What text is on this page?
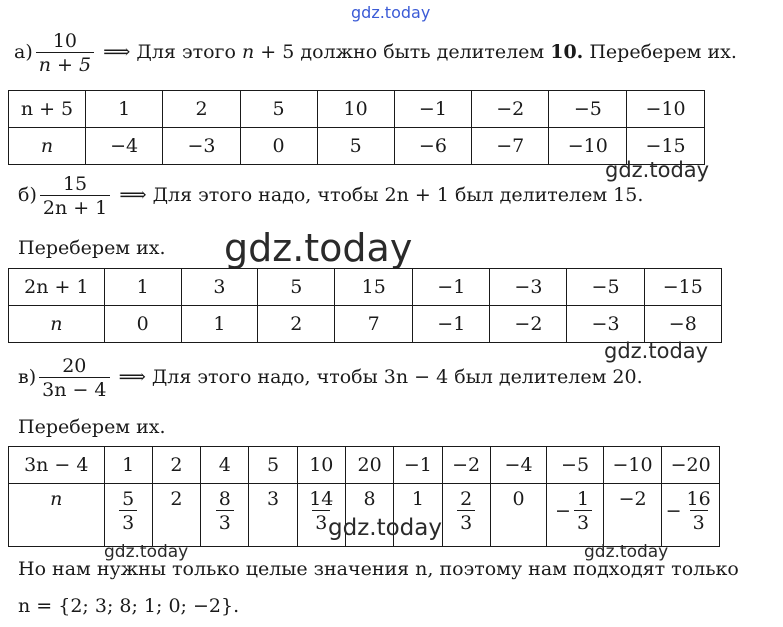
gdz.today
$а) \frac{10}{n + 5}$ ⟹ Для этого n + 5 должно быть делителем 10. Переберем их.
n + 5	1	2	5	10	−1	−2	−5	−10
n	−4	−3	0	5	−6	−7	−10	−15
gdz.today
$б) \frac{15}{2n + 1}$ ⟹ Для этого надо, чтобы 2n + 1 был делителем 15.
Переберем их. gdz.today
2n + 1	1	3	5	15	−1	−3	−5	−15
n	0	1	2	7	−1	−2	−3	−8
gdz.today
$в) \frac{20}{3n - 4}$ ⟹ Для этого надо, чтобы 3n − 4 был делителем 20.
Переберем их.
3n − 4	1	2	4	5	10	20	−1	−2	−4	−5	−10	−20
n	$\frac{5}{3}$	2	$\frac{8}{3}$	3	$\frac{14}{3}$	8	1	$\frac{2}{3}$	0	− $\frac{1}{3}$	−2	− $\frac{16}{3}$
gdz.today
gdz.today	gdz.today
Но нам нужны только целые значения n, поэтому нам подходят только
n = {2; 3; 8; 1; 0; −2}.
